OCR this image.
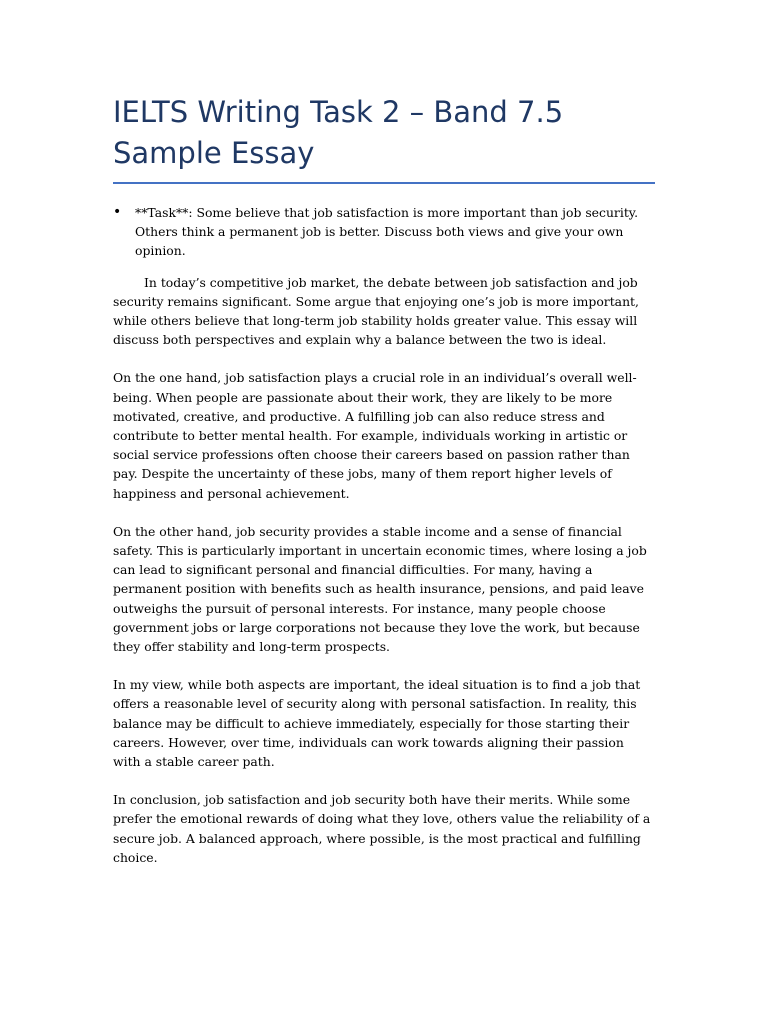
IELTS Writing Task 2 – Band 7.5 Sample Essay
•	**Task**: Some believe that job satisfaction is more important than job security. Others think a permanent job is better. Discuss both views and give your own opinion.

In today’s competitive job market, the debate between job satisfaction and job security remains significant. Some argue that enjoying one’s job is more important, while others believe that long-term job stability holds greater value. This essay will discuss both perspectives and explain why a balance between the two is ideal.

On the one hand, job satisfaction plays a crucial role in an individual’s overall well-being. When people are passionate about their work, they are likely to be more motivated, creative, and productive. A fulfilling job can also reduce stress and contribute to better mental health. For example, individuals working in artistic or social service professions often choose their careers based on passion rather than pay. Despite the uncertainty of these jobs, many of them report higher levels of happiness and personal achievement.

On the other hand, job security provides a stable income and a sense of financial safety. This is particularly important in uncertain economic times, where losing a job can lead to significant personal and financial difficulties. For many, having a permanent position with benefits such as health insurance, pensions, and paid leave outweighs the pursuit of personal interests. For instance, many people choose government jobs or large corporations not because they love the work, but because they offer stability and long-term prospects.

In my view, while both aspects are important, the ideal situation is to find a job that offers a reasonable level of security along with personal satisfaction. In reality, this balance may be difficult to achieve immediately, especially for those starting their careers. However, over time, individuals can work towards aligning their passion with a stable career path.

In conclusion, job satisfaction and job security both have their merits. While some prefer the emotional rewards of doing what they love, others value the reliability of a secure job. A balanced approach, where possible, is the most practical and fulfilling choice.
